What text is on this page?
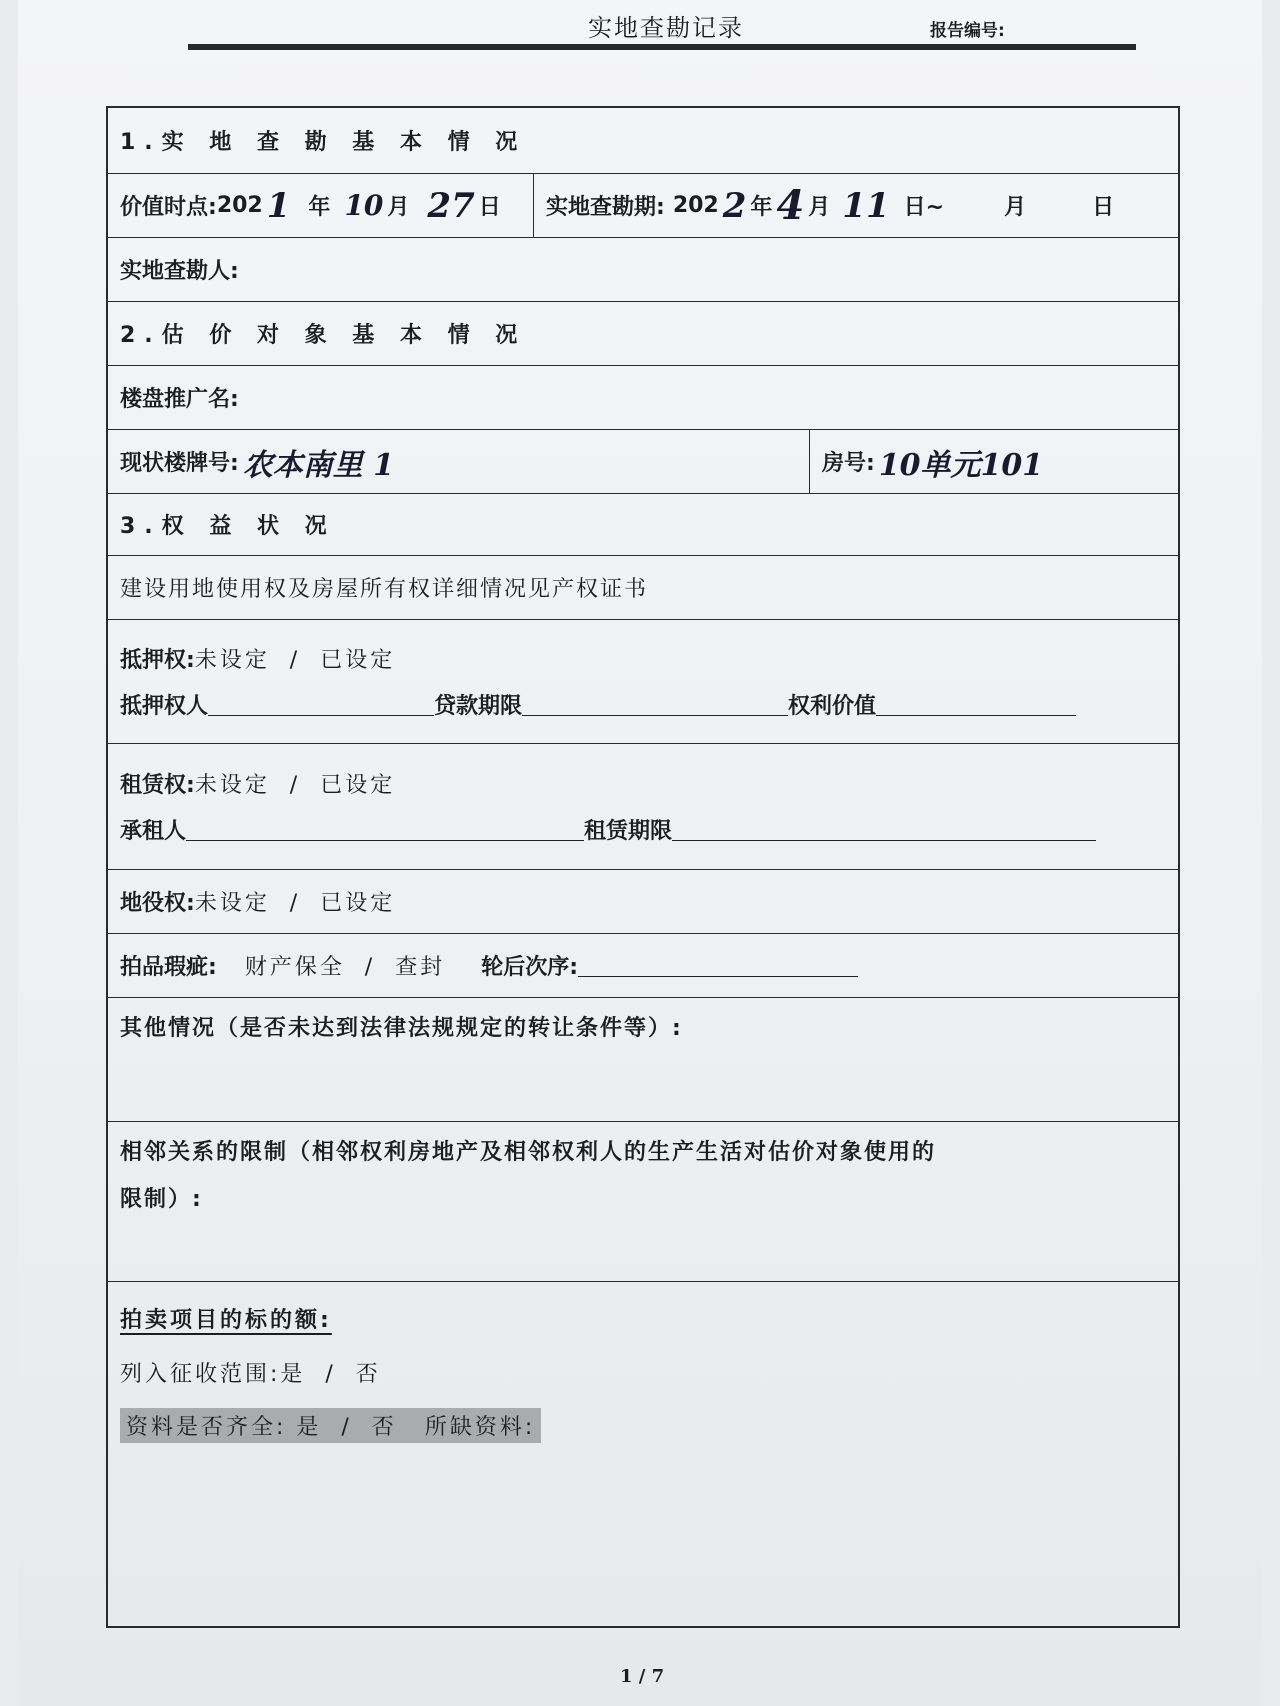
实地查勘记录	报告编号:
1.实 地 查 勘 基 本 情 况
价值时点: 202 1 年 10 月 27 日 实地查勘期: 202 2 年 4 月 11 日~	月	日
实地查勘人:
2.估 价 对 象 基 本 情 况
楼盘推广名:
现状楼牌号: 农本南里 1	房号: 10单元101
3.权 益 状 况
建设用地使用权及房屋所有权详细情况见产权证书
抵押权: 未设定  /  已设定
抵押权人	贷款期限	权利价值
租赁权: 未设定  /  已设定
承租人	租赁期限
地役权: 未设定  /  已设定
拍品瑕疵: 财产保全  /  查封 轮后次序:
其他情况（是否未达到法律法规规定的转让条件等）:
相邻关系的限制（相邻权利房地产及相邻权利人的生产生活对估价对象使用的
限制）:
拍卖项目的标的额:
列入征收范围: 是  /  否
资料是否齐全: 是  /  否 所缺资料:
1 / 7
